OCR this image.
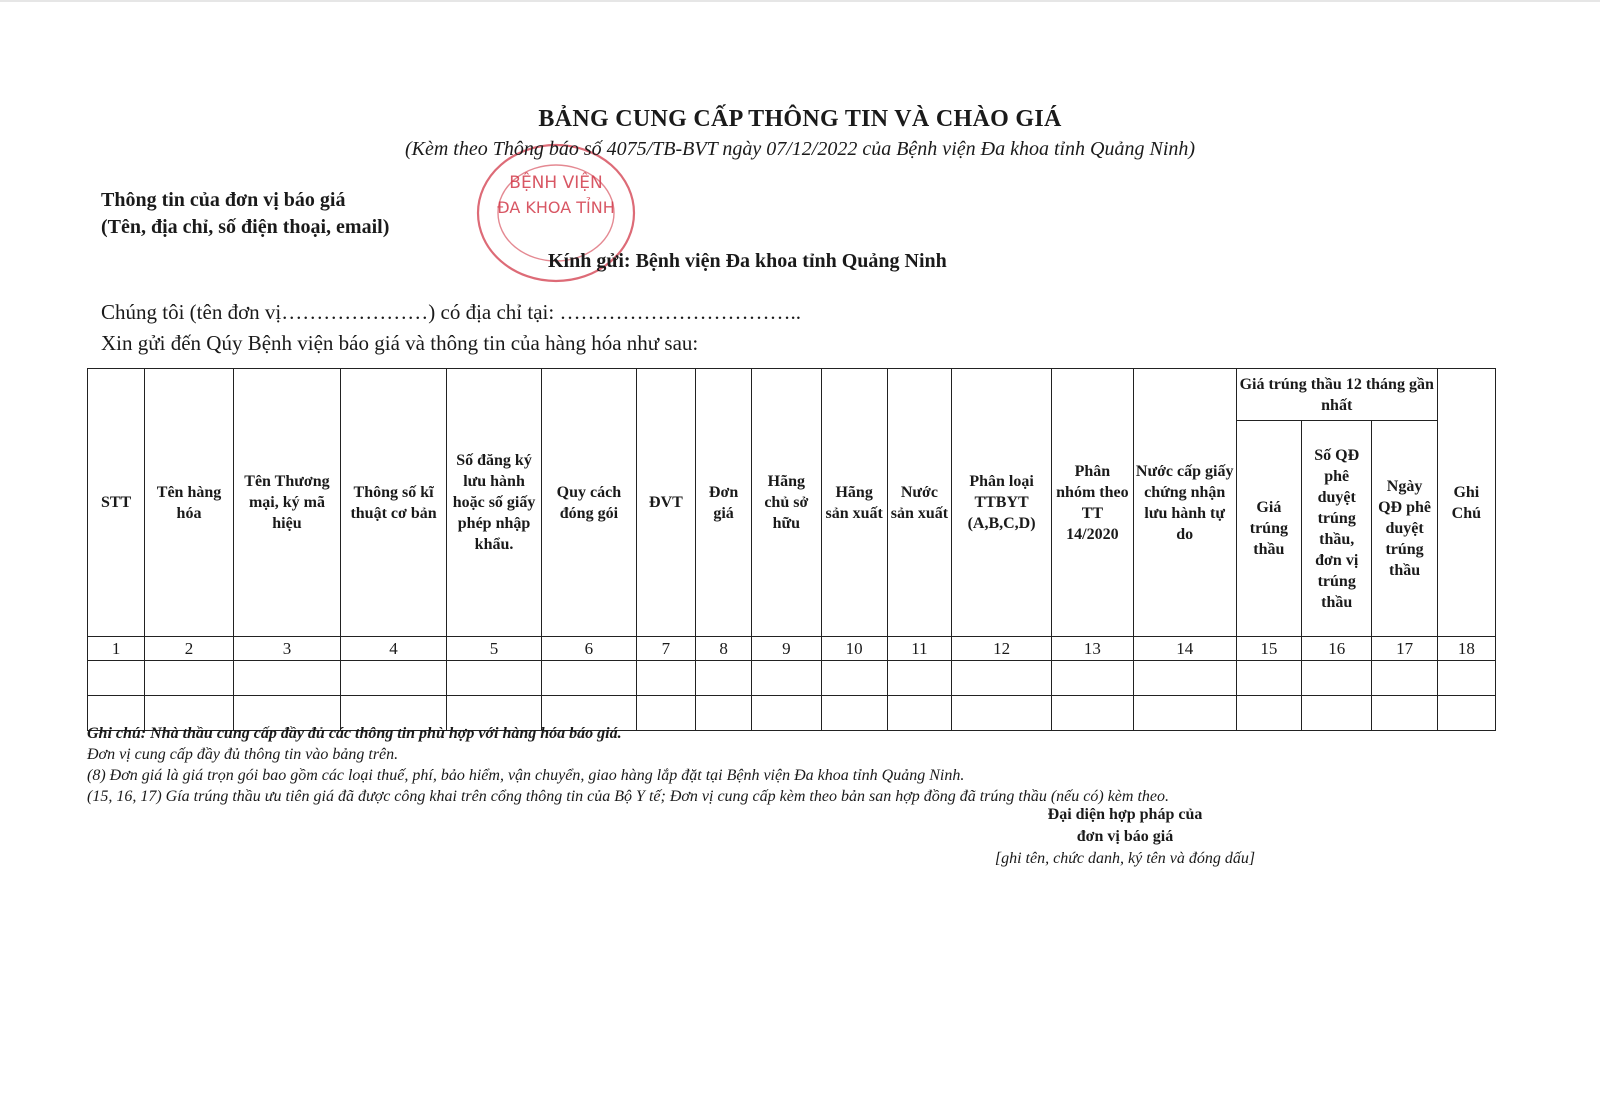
BỆNH VIỆN
ĐA KHOA TỈNH
BẢNG CUNG CẤP THÔNG TIN VÀ CHÀO GIÁ
(Kèm theo Thông báo số 4075/TB-BVT ngày 07/12/2022 của Bệnh viện Đa khoa tỉnh Quảng Ninh)
Thông tin của đơn vị báo giá
(Tên, địa chỉ, số điện thoại, email)
Kính gửi: Bệnh viện Đa khoa tỉnh Quảng Ninh
Chúng tôi (tên đơn vị…………………) có địa chỉ tại: ……………………………..
Xin gửi đến Qúy Bệnh viện báo giá và thông tin của hàng hóa như sau:
STT	Tên hàng hóa	Tên Thương mại, ký mã hiệu	Thông số kĩ thuật cơ bản	Số đăng ký lưu hành hoặc số giấy phép nhập khẩu.	Quy cách đóng gói	ĐVT	Đơn giá	Hãng chủ sở hữu	Hãng sản xuất	Nước sản xuất	Phân loại TTBYT (A,B,C,D)	Phân nhóm theo TT 14/2020	Nước cấp giấy chứng nhận lưu hành tự do	Giá trúng thầu 12 tháng gần nhất			Ghi Chú
														Giá trúng thầu	Số QĐ phê duyệt trúng thầu, đơn vị trúng thầu	Ngày QĐ phê duyệt trúng thầu	
1	2	3	4	5	6	7	8	9	10	11	12	13	14	15	16	17	18

Ghi chú: Nhà thầu cung cấp đầy đủ các thông tin phù hợp với hàng hóa báo giá.
Đơn vị cung cấp đầy đủ thông tin vào bảng trên.
(8) Đơn giá là giá trọn gói bao gồm các loại thuế, phí, bảo hiểm, vận chuyển, giao hàng lắp đặt tại Bệnh viện Đa khoa tỉnh Quảng Ninh.
(15, 16, 17) Gía trúng thầu ưu tiên giá đã được công khai trên cổng thông tin của Bộ Y tế; Đơn vị cung cấp kèm theo bản san hợp đồng đã trúng thầu (nếu có) kèm theo.
Đại diện hợp pháp của
đơn vị báo giá
[ghi tên, chức danh, ký tên và đóng dấu]
